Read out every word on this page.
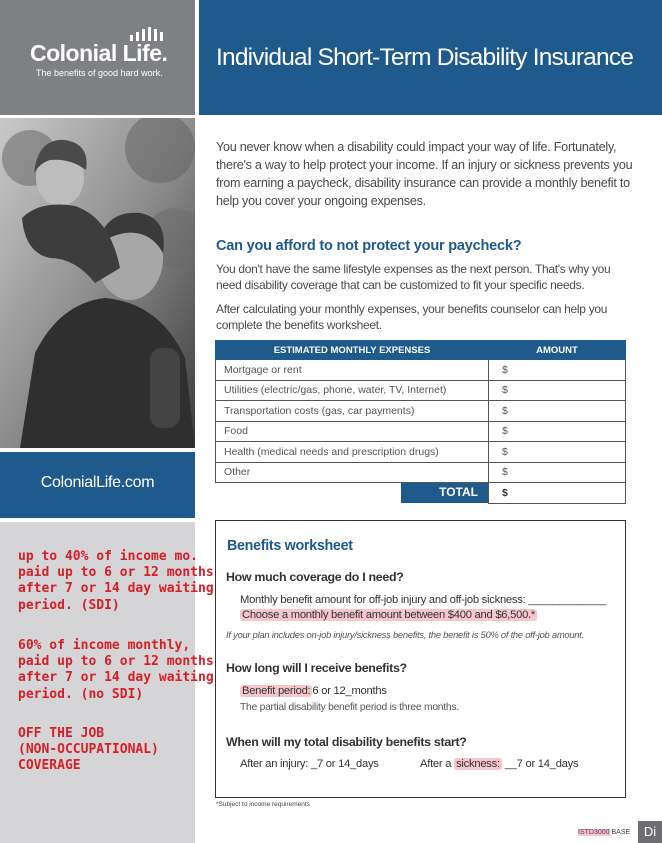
Colonial Life.
The benefits of good hard work.
ColonialLife.com
up to 40% of income mo.
paid up to 6 or 12 months
after 7 or 14 day waiting
period. (SDI)
60% of income monthly,
paid up to 6 or 12 months
after 7 or 14 day waiting
period. (no SDI)
OFF THE JOB
(NON-OCCUPATIONAL)
COVERAGE
Individual Short-Term Disability Insurance
You never know when a disability could impact your way of life. Fortunately, there's a way to help protect your income. If an injury or sickness prevents you from earning a paycheck, disability insurance can provide a monthly benefit to help you cover your ongoing expenses.
Can you afford to not protect your paycheck?
You don't have the same lifestyle expenses as the next person. That's why you need disability coverage that can be customized to fit your specific needs.
After calculating your monthly expenses, your benefits counselor can help you complete the benefits worksheet.
ESTIMATED MONTHLY EXPENSES	AMOUNT
Mortgage or rent	$
Utilities (electric/gas, phone, water, TV, Internet)	$
Transportation costs (gas, car payments)	$
Food	$
Health (medical needs and prescription drugs)	$
Other	$

TOTAL	$
Benefits worksheet
How much coverage do I need?
Monthly benefit amount for off-job injury and off-job sickness: _____________
Choose a monthly benefit amount between $400 and $6,500.*
If your plan includes on-job injury/sickness benefits, the benefit is 50% of the off-job amount.
How long will I receive benefits?
Benefit period: 6 or 12_months
The partial disability benefit period is three months.
When will my total disability benefits start?
After an injury: _7 or 14_days	After a sickness: __7 or 14_days
*Subject to income requirements
ISTD3000 BASE	Di
